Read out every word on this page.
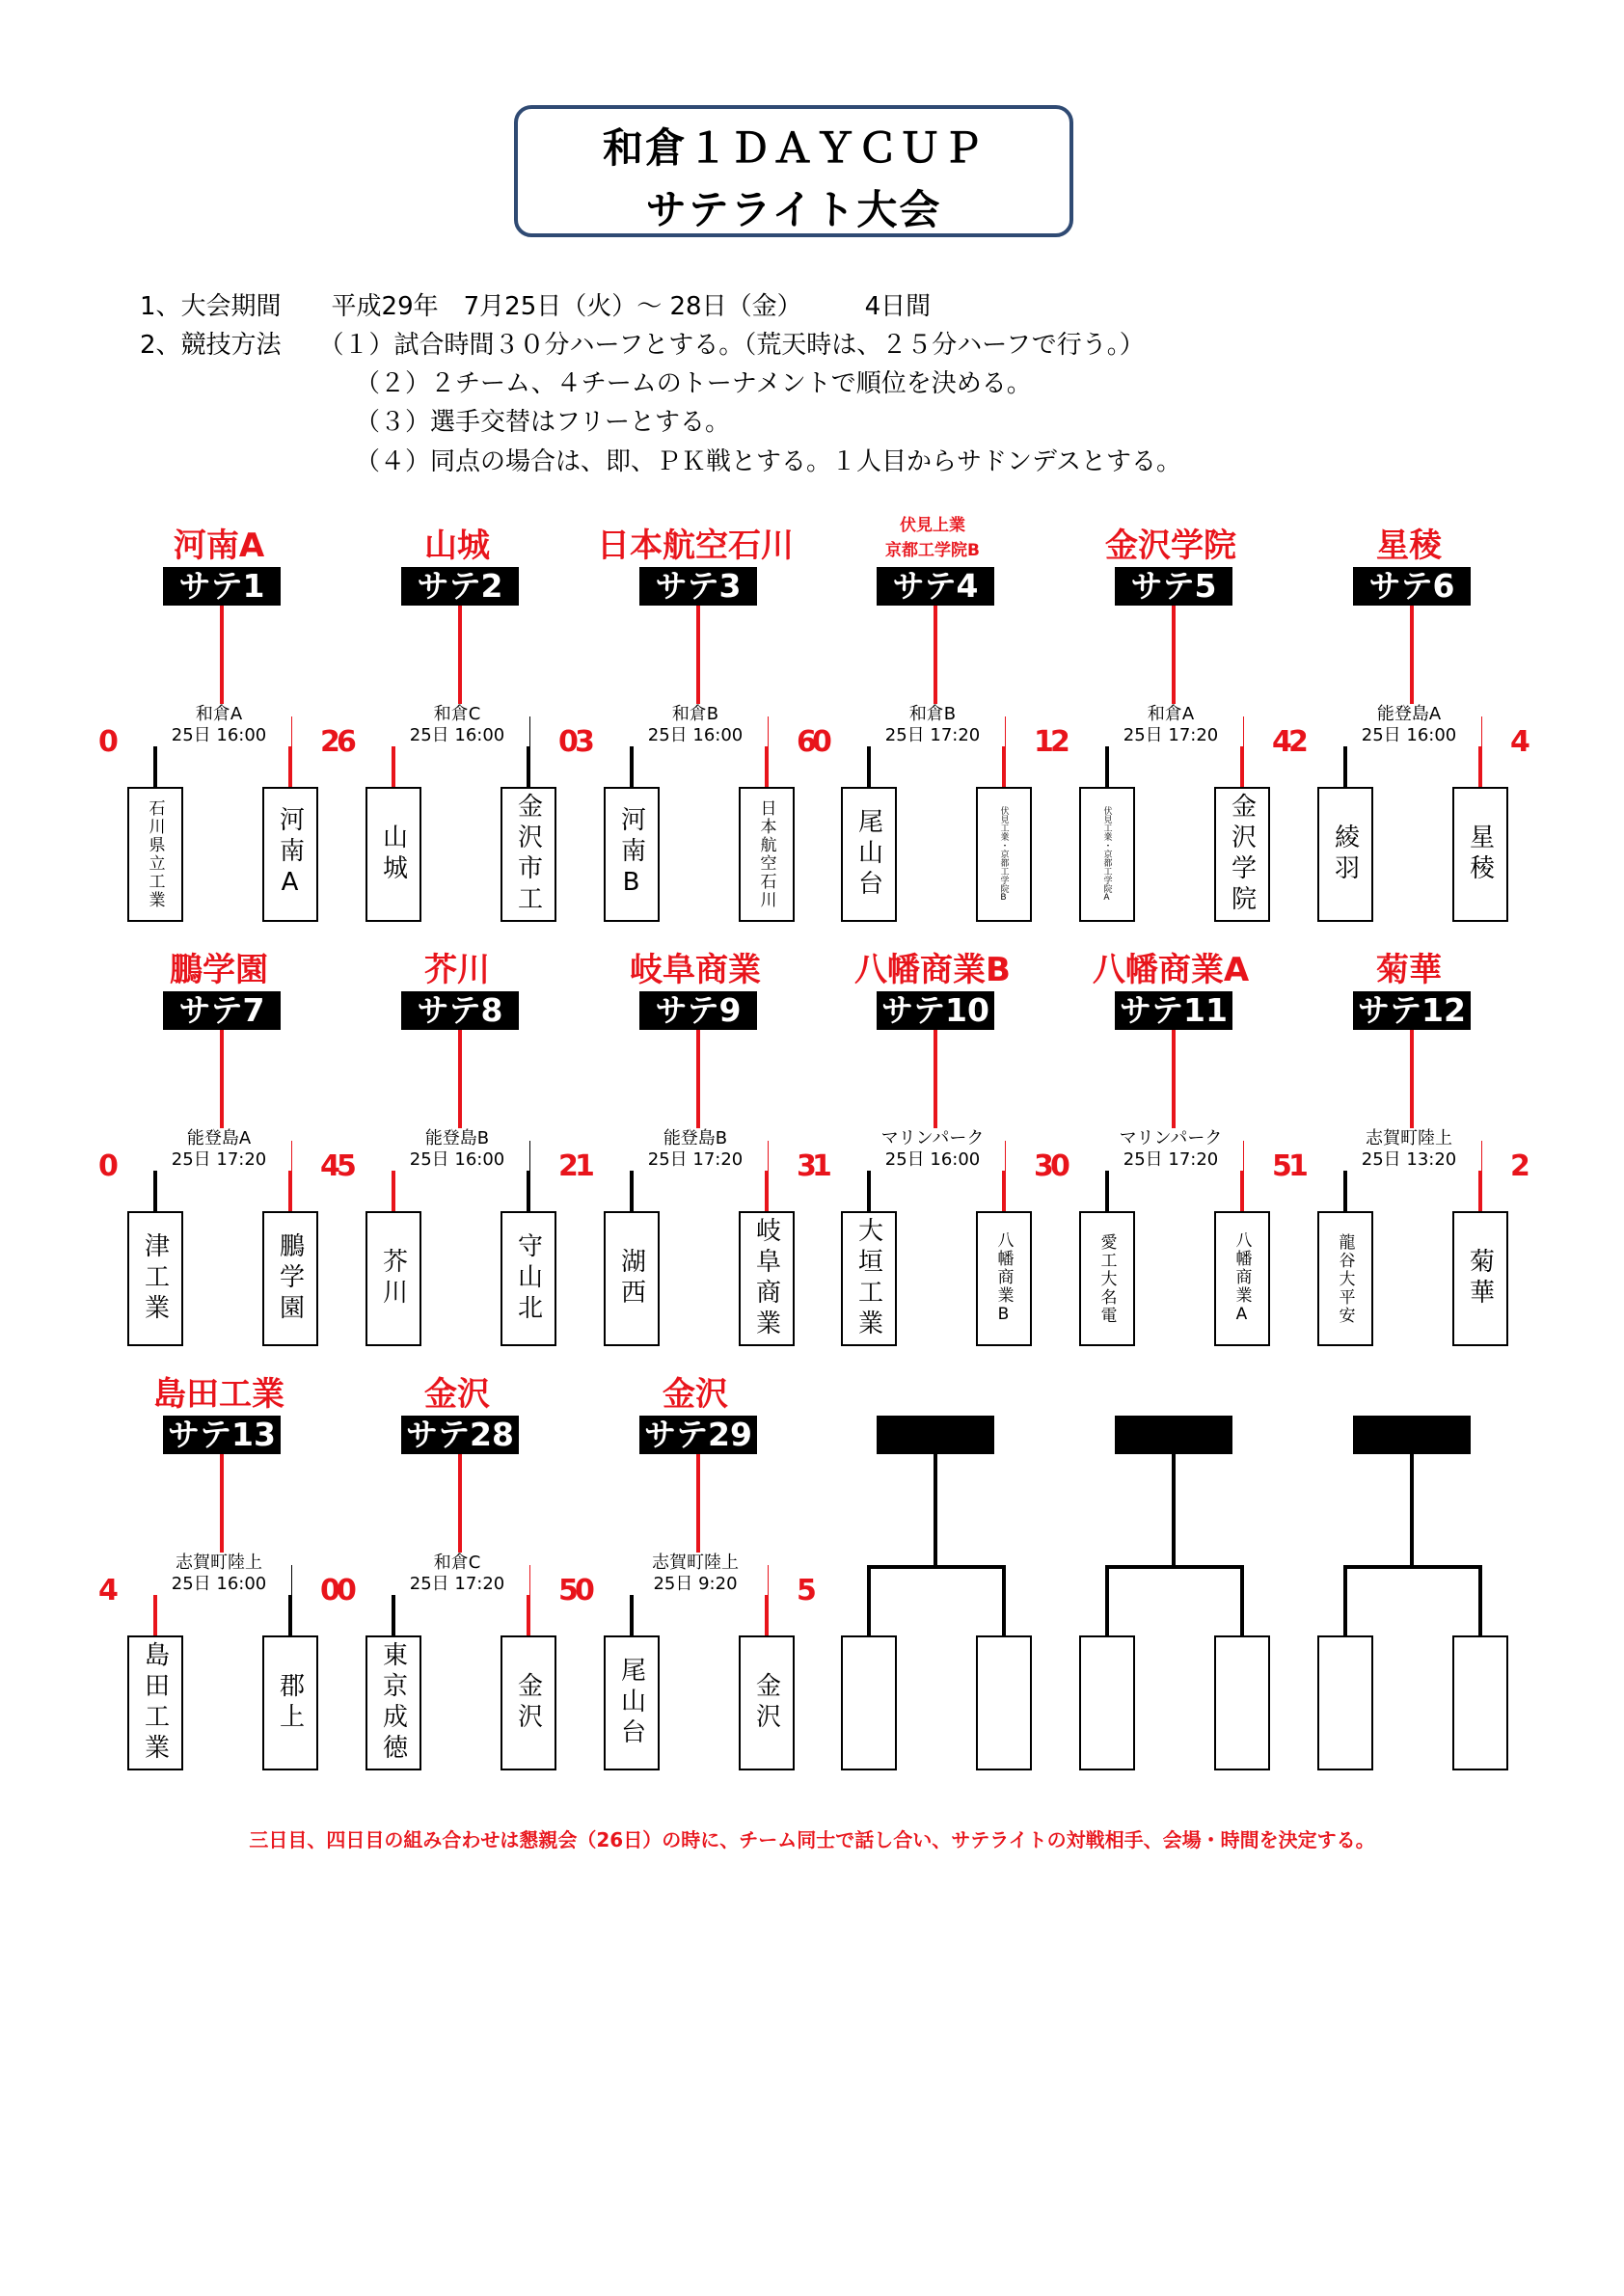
和倉１ＤＡＹＣＵＰ
サテライト大会
1、大会期間　　平成29年　7月25日（火）～ 28日（金）　　　4日間
2、競技方法　　（１）試合時間３０分ハーフとする。（荒天時は、２５分ハーフで行う。）
（２）２チーム、４チームのトーナメントで順位を決める。
（３）選手交替はフリーとする。
（４）同点の場合は、即、ＰＫ戦とする。１人目からサドンデスとする。
河南A
サテ1
和倉A
25日 16:00
0	2
石川県立工業	河南A
山城
サテ2
和倉C
25日 16:00
6	0
山城	金沢市工
日本航空石川
サテ3
和倉B
25日 16:00
3	6
河南B	日本航空石川
伏見上業
京都工学院B
サテ4
和倉B
25日 17:20
0	1
尾山台	伏見工業・京都工学院B
金沢学院
サテ5
和倉A
25日 17:20
2	4
伏見工業・京都工学院A	金沢学院
星稜
サテ6
能登島A
25日 16:00
2	4
綾羽	星稜
鵬学園
サテ7
能登島A
25日 17:20
0	4
津工業	鵬学園
芥川
サテ8
能登島B
25日 16:00
5	2
芥川	守山北
岐阜商業
サテ9
能登島B
25日 17:20
1	3
湖西	岐阜商業
八幡商業B
サテ10
マリンパーク
25日 16:00
1	3
大垣工業	八幡商業B
八幡商業A
サテ11
マリンパーク
25日 17:20
0	5
愛工大名電	八幡商業A
菊華
サテ12
志賀町陸上
25日 13:20
1	2
龍谷大平安	菊華
島田工業
サテ13
志賀町陸上
25日 16:00
4	0
島田工業	郡上
金沢
サテ28
和倉C
25日 17:20
0	5
東京成徳	金沢
金沢
サテ29
志賀町陸上
25日 9:20
0	5
尾山台	金沢
三日目、四日目の組み合わせは懇親会（26日）の時に、チーム同士で話し合い、サテライトの対戦相手、会場・時間を決定する。
